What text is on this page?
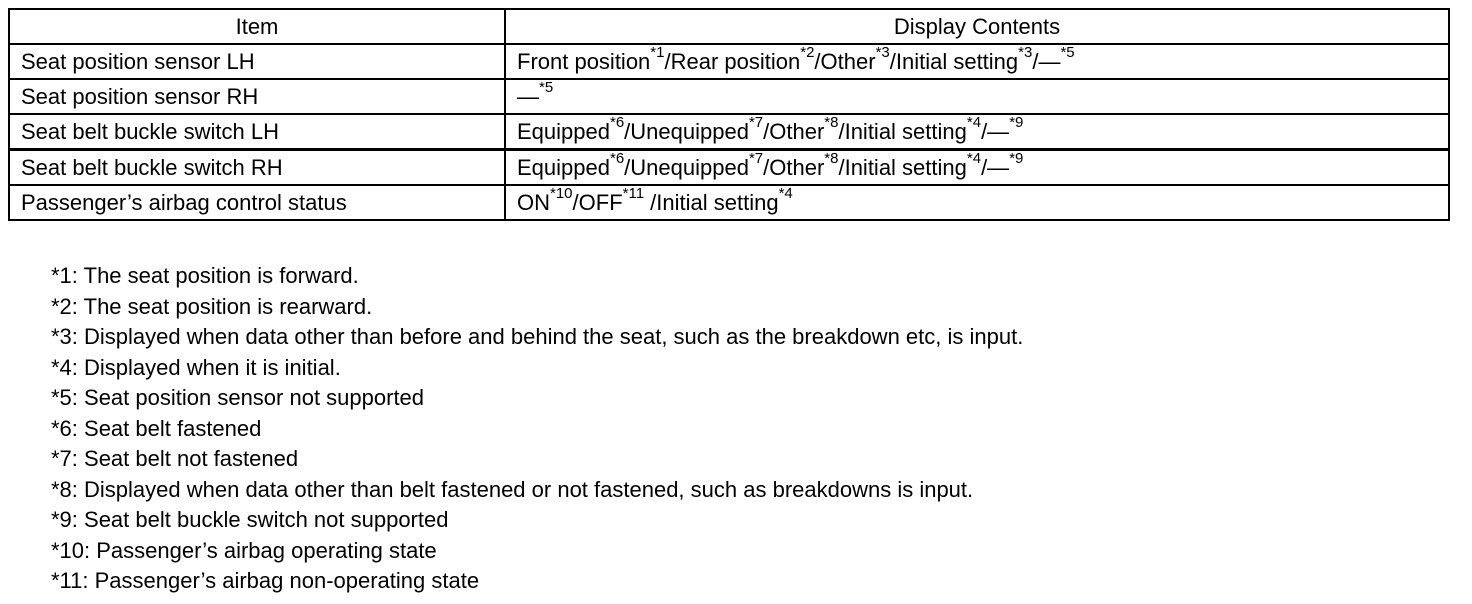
Item	Display Contents
Seat position sensor LH	Front position$^{*1}$/Rear position$^{*2}$/Other$^{*3}$/Initial setting$^{*3}$/—$^{*5}$
Seat position sensor RH	—$^{*5}$
Seat belt buckle switch LH	Equipped$^{*6}$/Unequipped$^{*7}$/Other$^{*8}$/Initial setting$^{*4}$/—$^{*9}$
Seat belt buckle switch RH	Equipped$^{*6}$/Unequipped$^{*7}$/Other$^{*8}$/Initial setting$^{*4}$/—$^{*9}$
Passenger’s airbag control status	ON$^{*10}$/OFF$^{*11}$ /Initial setting$^{*4}$
*1: The seat position is forward.
*2: The seat position is rearward.
*3: Displayed when data other than before and behind the seat, such as the breakdown etc, is input.
*4: Displayed when it is initial.
*5: Seat position sensor not supported
*6: Seat belt fastened
*7: Seat belt not fastened
*8: Displayed when data other than belt fastened or not fastened, such as breakdowns is input.
*9: Seat belt buckle switch not supported
*10: Passenger’s airbag operating state
*11: Passenger’s airbag non-operating state
